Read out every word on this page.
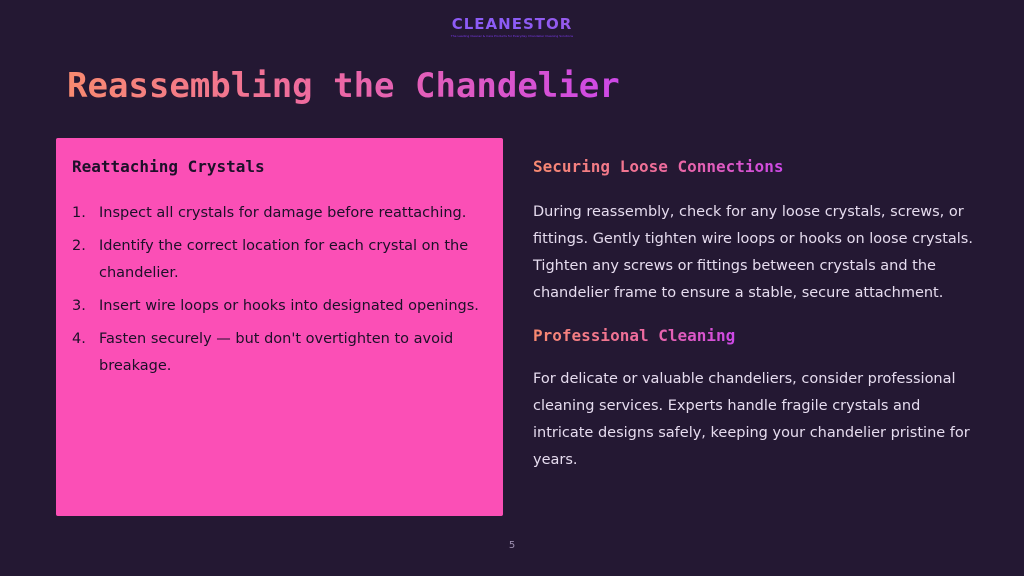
CLEANESTOR
The Leading Cleaner & Care Products for Everyday Chandelier Cleaning Solutions
Reassembling the Chandelier
Reattaching Crystals
1. Inspect all crystals for damage before reattaching.
2. Identify the correct location for each crystal on the chandelier.
3. Insert wire loops or hooks into designated openings.
4. Fasten securely — but don't overtighten to avoid breakage.
Securing Loose Connections

During reassembly, check for any loose crystals, screws, or fittings. Gently tighten wire loops or hooks on loose crystals. Tighten any screws or fittings between crystals and the chandelier frame to ensure a stable, secure attachment.

Professional Cleaning

For delicate or valuable chandeliers, consider professional cleaning services. Experts handle fragile crystals and intricate designs safely, keeping your chandelier pristine for years.

5
